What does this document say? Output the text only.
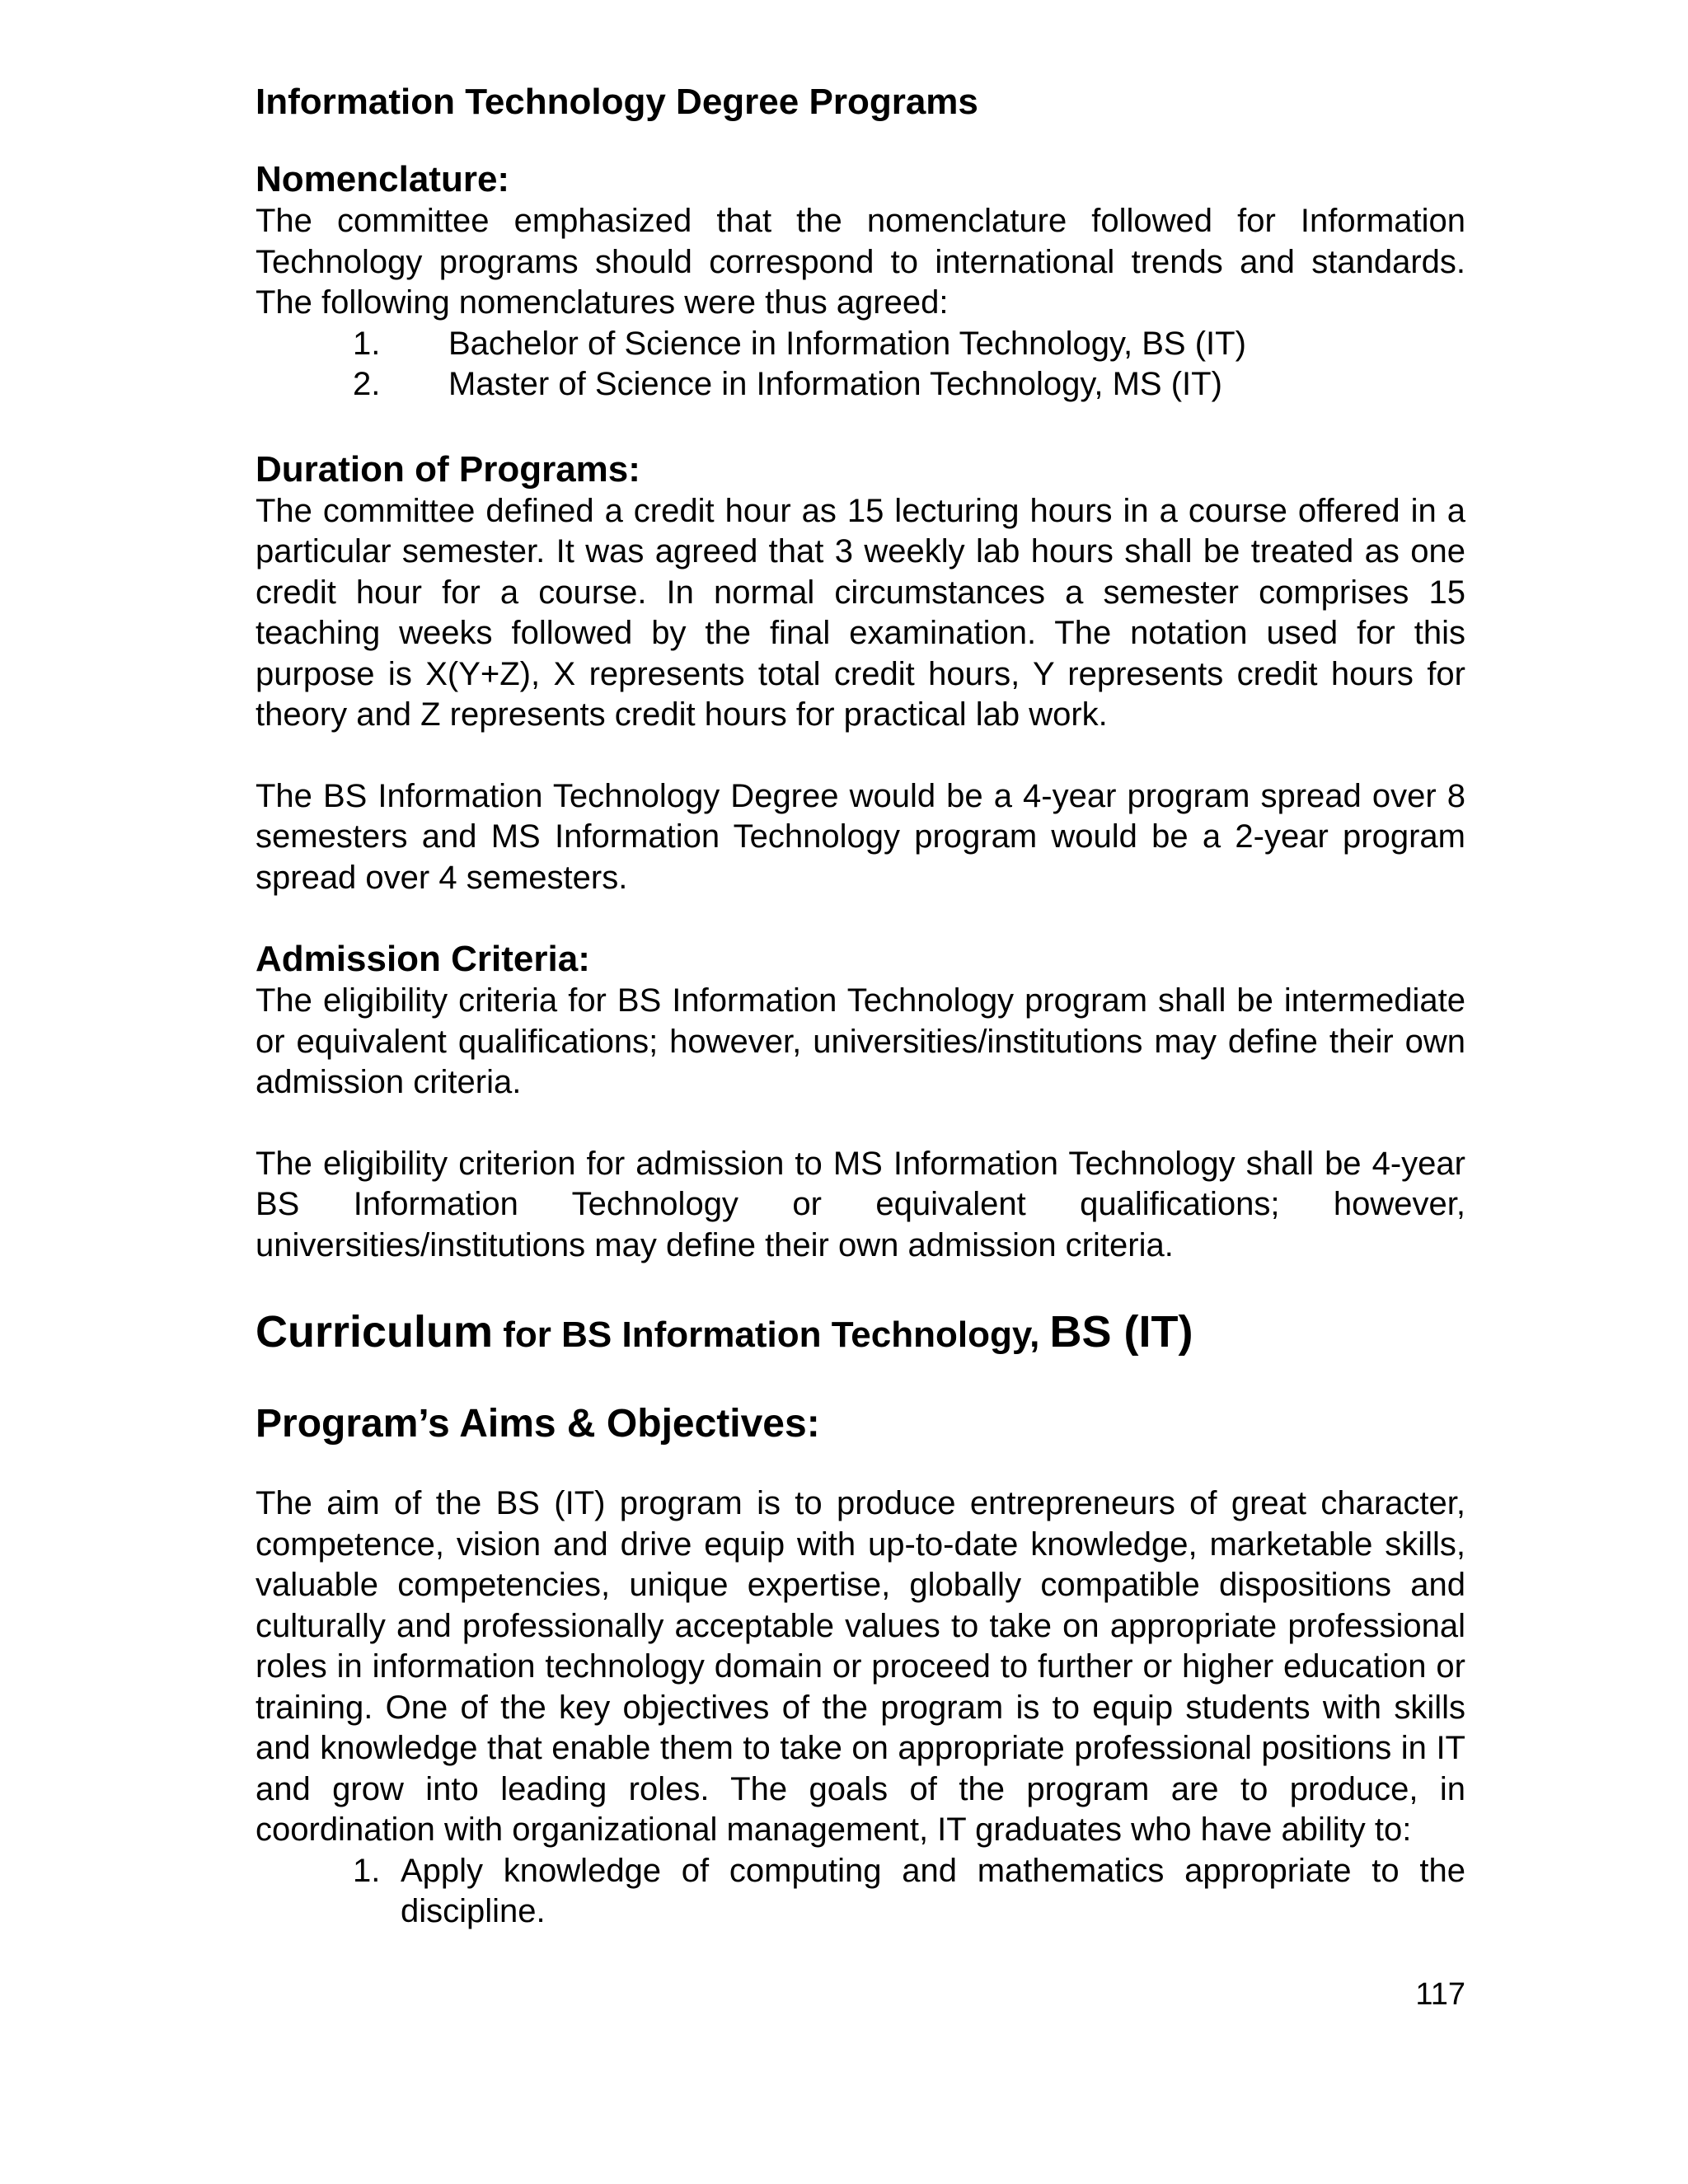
Information Technology Degree Programs
Nomenclature:

The committee emphasized that the nomenclature followed for Information Technology programs should correspond to international trends and standards. The following nomenclatures were thus agreed:

1. Bachelor of Science in Information Technology, BS (IT)
2. Master of Science in Information Technology, MS (IT)
Duration of Programs:

The committee defined a credit hour as 15 lecturing hours in a course offered in a particular semester. It was agreed that 3 weekly lab hours shall be treated as one credit hour for a course. In normal circumstances a semester comprises 15 teaching weeks followed by the final examination. The notation used for this purpose is X(Y+Z), X represents total credit hours, Y represents credit hours for theory and Z represents credit hours for practical lab work.

The BS Information Technology Degree would be a 4-year program spread over 8 semesters and MS Information Technology program would be a 2-year program spread over 4 semesters.

Admission Criteria:

The eligibility criteria for BS Information Technology program shall be intermediate or equivalent qualifications; however, universities/institutions may define their own admission criteria.

The eligibility criterion for admission to MS Information Technology shall be 4-year BS Information Technology or equivalent qualifications; however, universities/institutions may define their own admission criteria.

Curriculum for BS Information Technology, BS (IT)
Program’s Aims & Objectives:

The aim of the BS (IT) program is to produce entrepreneurs of great character, competence, vision and drive equip with up-to-date knowledge, marketable skills, valuable competencies, unique expertise, globally compatible dispositions and culturally and professionally acceptable values to take on appropriate professional roles in information technology domain or proceed to further or higher education or training. One of the key objectives of the program is to equip students with skills and knowledge that enable them to take on appropriate professional positions in IT and grow into leading roles. The goals of the program are to produce, in coordination with organizational management, IT graduates who have ability to:

1. Apply knowledge of computing and mathematics appropriate to the discipline.
117
